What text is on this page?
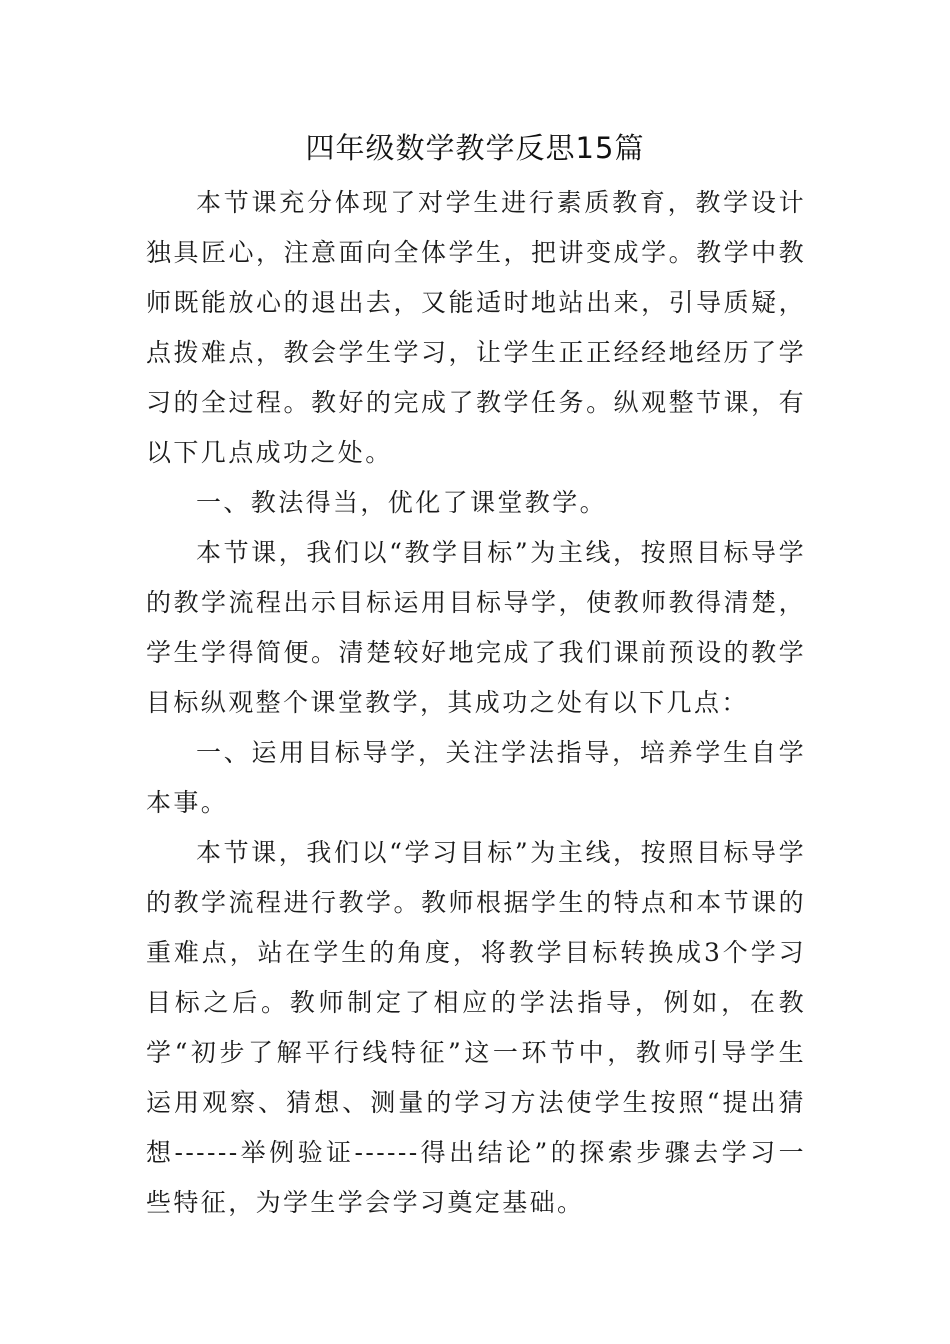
四年级数学教学反思15篇

本节课充分体现了对学生进行素质教育，教学设计独具匠心，注意面向全体学生，把讲变成学。教学中教师既能放心的退出去，又能适时地站出来，引导质疑，点拨难点，教会学生学习，让学生正正经经地经历了学习的全过程。教好的完成了教学任务。纵观整节课，有以下几点成功之处。

一、教法得当，优化了课堂教学。

本节课，我们以“教学目标”为主线，按照目标导学的教学流程出示目标运用目标导学，使教师教得清楚，学生学得简便。清楚较好地完成了我们课前预设的教学目标纵观整个课堂教学，其成功之处有以下几点：

一、运用目标导学，关注学法指导，培养学生自学本事。

本节课，我们以“学习目标”为主线，按照目标导学的教学流程进行教学。教师根据学生的特点和本节课的重难点，站在学生的角度，将教学目标转换成3个学习目标之后。教师制定了相应的学法指导，例如，在教学“初步了解平行线特征”这一环节中，教师引导学生运用观察、猜想、测量的学习方法使学生按照“提出猜想------举例验证------得出结论”的探索步骤去学习一些特征，为学生学会学习奠定基础。
